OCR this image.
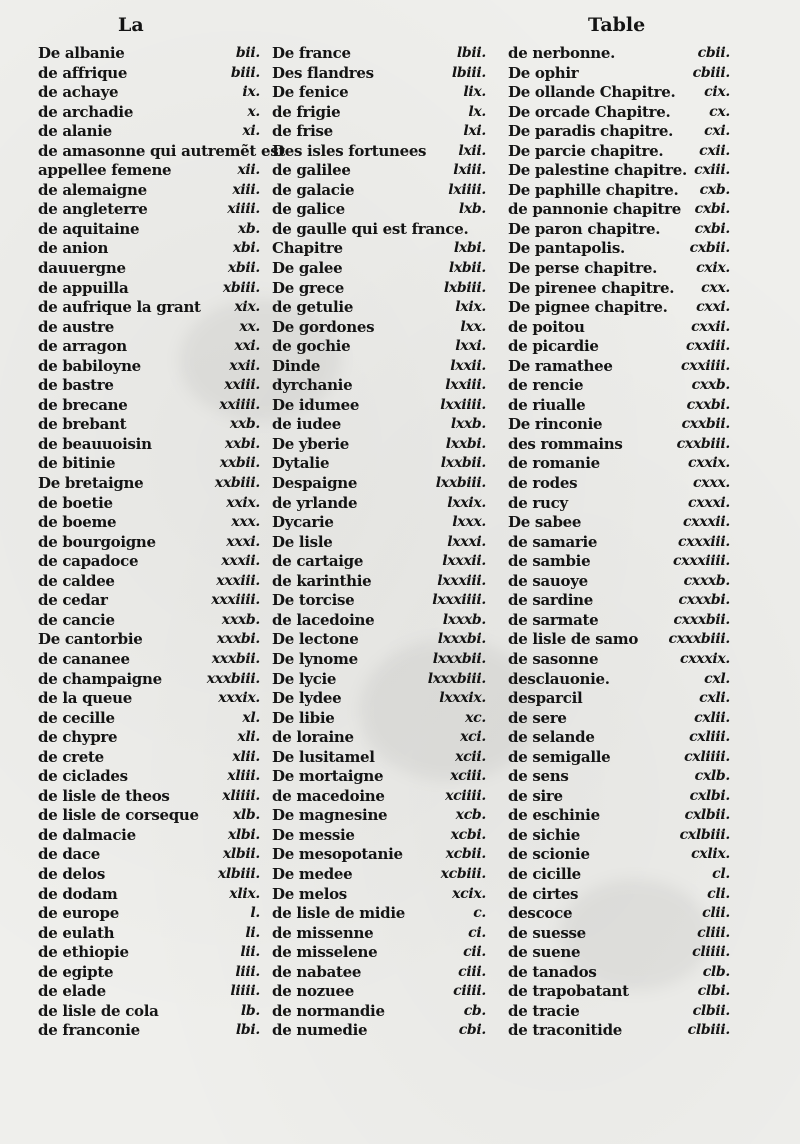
La	Table
De albanie	bii.
de affrique	biii.
de achaye	ix.
de archadie	x.
de alanie	xi.
de amasonne qui autremẽt est
appellee femene	xii.
de alemaigne	xiii.
de angleterre	xiiii.
de aquitaine	xb.
de anion	xbi.
dauuergne	xbii.
de appuilla	xbiii.
de aufrique la grant xix.
de austre	xx.
de arragon	xxi.
de babiloyne	xxii.
de bastre	xxiii.
de brecane	xxiiii.
de brebant	xxb.
de beauuoisin	xxbi.
de bitinie	xxbii.
De bretaigne	xxbiii.
de boetie	xxix.
de boeme	xxx.
de bourgoigne	xxxi.
de capadoce	xxxii.
de caldee	xxxiii.
de cedar	xxxiiii.
de cancie	xxxb.
De cantorbie	xxxbi.
de cananee	xxxbii.
de champaigne	xxxbiii.
de la queue	xxxix.
de cecille	xl.
de chypre	xli.
de crete	xlii.
de ciclades	xliii.
de lisle de theos	xliiii.
de lisle de corseque xlb.
de dalmacie	xlbi.
de dace	xlbii.
de delos	xlbiii.
de dodam	xlix.
de europe	l.
de eulath	li.
de ethiopie	lii.
de egipte	liii.
de elade	liiii.
de lisle de cola	lb.
de franconie	lbi.
De france	lbii.
Des flandres	lbiii.
De fenice	lix.
de frigie	lx.
de frise	lxi.
Des isles fortunees lxii.
de galilee	lxiii.
de galacie	lxiiii.
de galice	lxb.
de gaulle qui est france.
Chapitre	lxbi.
De galee	lxbii.
De grece	lxbiii.
de getulie	lxix.
De gordones	lxx.
de gochie	lxxi.
Dinde	lxxii.
dyrchanie	lxxiii.
De idumee	lxxiiii.
de iudee	lxxb.
De yberie	lxxbi.
Dytalie	lxxbii.
Despaigne	lxxbiii.
de yrlande	lxxix.
Dycarie	lxxx.
De lisle	lxxxi.
de cartaige	lxxxii.
de karinthie	lxxxiii.
De torcise	lxxxiiii.
de lacedoine	lxxxb.
De lectone	lxxxbi.
De lynome	lxxxbii.
De lycie	lxxxbiii.
De lydee	lxxxix.
De libie	xc.
de loraine	xci.
De lusitamel	xcii.
De mortaigne	xciii.
de macedoine	xciiii.
De magnesine	xcb.
De messie	xcbi.
De mesopotanie	xcbii.
De medee	xcbiii.
De melos	xcix.
de lisle de midie	c.
de missenne	ci.
de misselene	cii.
de nabatee	ciii.
de nozuee	ciiii.
de normandie	cb.
de numedie	cbi.
de nerbonne.	cbii.
De ophir	cbiii.
De ollande Chapitre. cix.
De orcade Chapitre.	cx.
De paradis chapitre. cxi.
De parcie chapitre.	cxii.
De palestine chapitre. cxiii.
De paphille chapitre. cxb.
de pannonie chapitre cxbi.
De paron chapitre. cxbi.
De pantapolis.	cxbii.
De perse chapitre.	cxix.
De pirenee chapitre. cxx.
De pignee chapitre. cxxi.
de poitou	cxxii.
de picardie	cxxiii.
De ramathee	cxxiiii.
de rencie	cxxb.
de riualle	cxxbi.
De rinconie	cxxbii.
des rommains	cxxbiii.
de romanie	cxxix.
de rodes	cxxx.
de rucy	cxxxi.
De sabee	cxxxii.
de samarie	cxxxiii.
de sambie	cxxxiiii.
de sauoye	cxxxb.
de sardine	cxxxbi.
de sarmate	cxxxbii.
de lisle de samo cxxxbiii.
de sasonne	cxxxix.
desclauonie.	cxl.
desparcil	cxli.
de sere	cxlii.
de selande	cxliii.
de semigalle	cxliiii.
de sens	cxlb.
de sire	cxlbi.
de eschinie	cxlbii.
de sichie	cxlbiii.
de scionie	cxlix.
de cicille	cl.
de cirtes	cli.
descoce	clii.
de suesse	cliii.
de suene	cliiii.
de tanados	clb.
de trapobatant	clbi.
de tracie	clbii.
de traconitide	clbiii.
